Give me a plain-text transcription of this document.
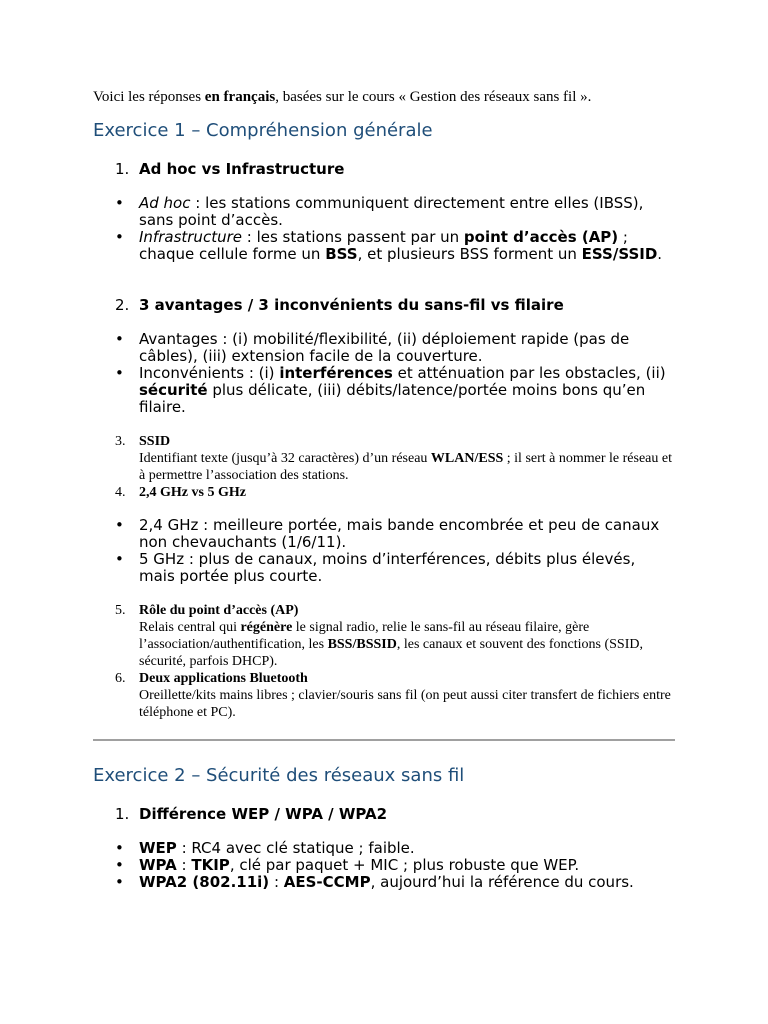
Voici les réponses en français, basées sur le cours « Gestion des réseaux sans fil ».

Exercice 1 – Compréhension générale

1. Ad hoc vs Infrastructure

• Ad hoc : les stations communiquent directement entre elles (IBSS), sans point d’accès.
• Infrastructure : les stations passent par un point d’accès (AP) ; chaque cellule forme un BSS, et plusieurs BSS forment un ESS/SSID.

2. 3 avantages / 3 inconvénients du sans-fil vs filaire

• Avantages : (i) mobilité/flexibilité, (ii) déploiement rapide (pas de câbles), (iii) extension facile de la couverture.
• Inconvénients : (i) interférences et atténuation par les obstacles, (ii) sécurité plus délicate, (iii) débits/latence/portée moins bons qu’en filaire.
3. SSID
Identifiant texte (jusqu’à 32 caractères) d’un réseau WLAN/ESS ; il sert à nommer le réseau et à permettre l’association des stations.
4. 2,4 GHz vs 5 GHz
• 2,4 GHz : meilleure portée, mais bande encombrée et peu de canaux non chevauchants (1/6/11).
• 5 GHz : plus de canaux, moins d’interférences, débits plus élevés, mais portée plus courte.
5. Rôle du point d’accès (AP)
Relais central qui régénère le signal radio, relie le sans-fil au réseau filaire, gère l’association/authentification, les BSS/BSSID, les canaux et souvent des fonctions (SSID, sécurité, parfois DHCP).
6. Deux applications Bluetooth
Oreillette/kits mains libres ; clavier/souris sans fil (on peut aussi citer transfert de fichiers entre téléphone et PC).
Exercice 2 – Sécurité des réseaux sans fil

1. Différence WEP / WPA / WPA2

• WEP : RC4 avec clé statique ; faible.
• WPA : TKIP, clé par paquet + MIC ; plus robuste que WEP.
• WPA2 (802.11i) : AES-CCMP, aujourd’hui la référence du cours.
